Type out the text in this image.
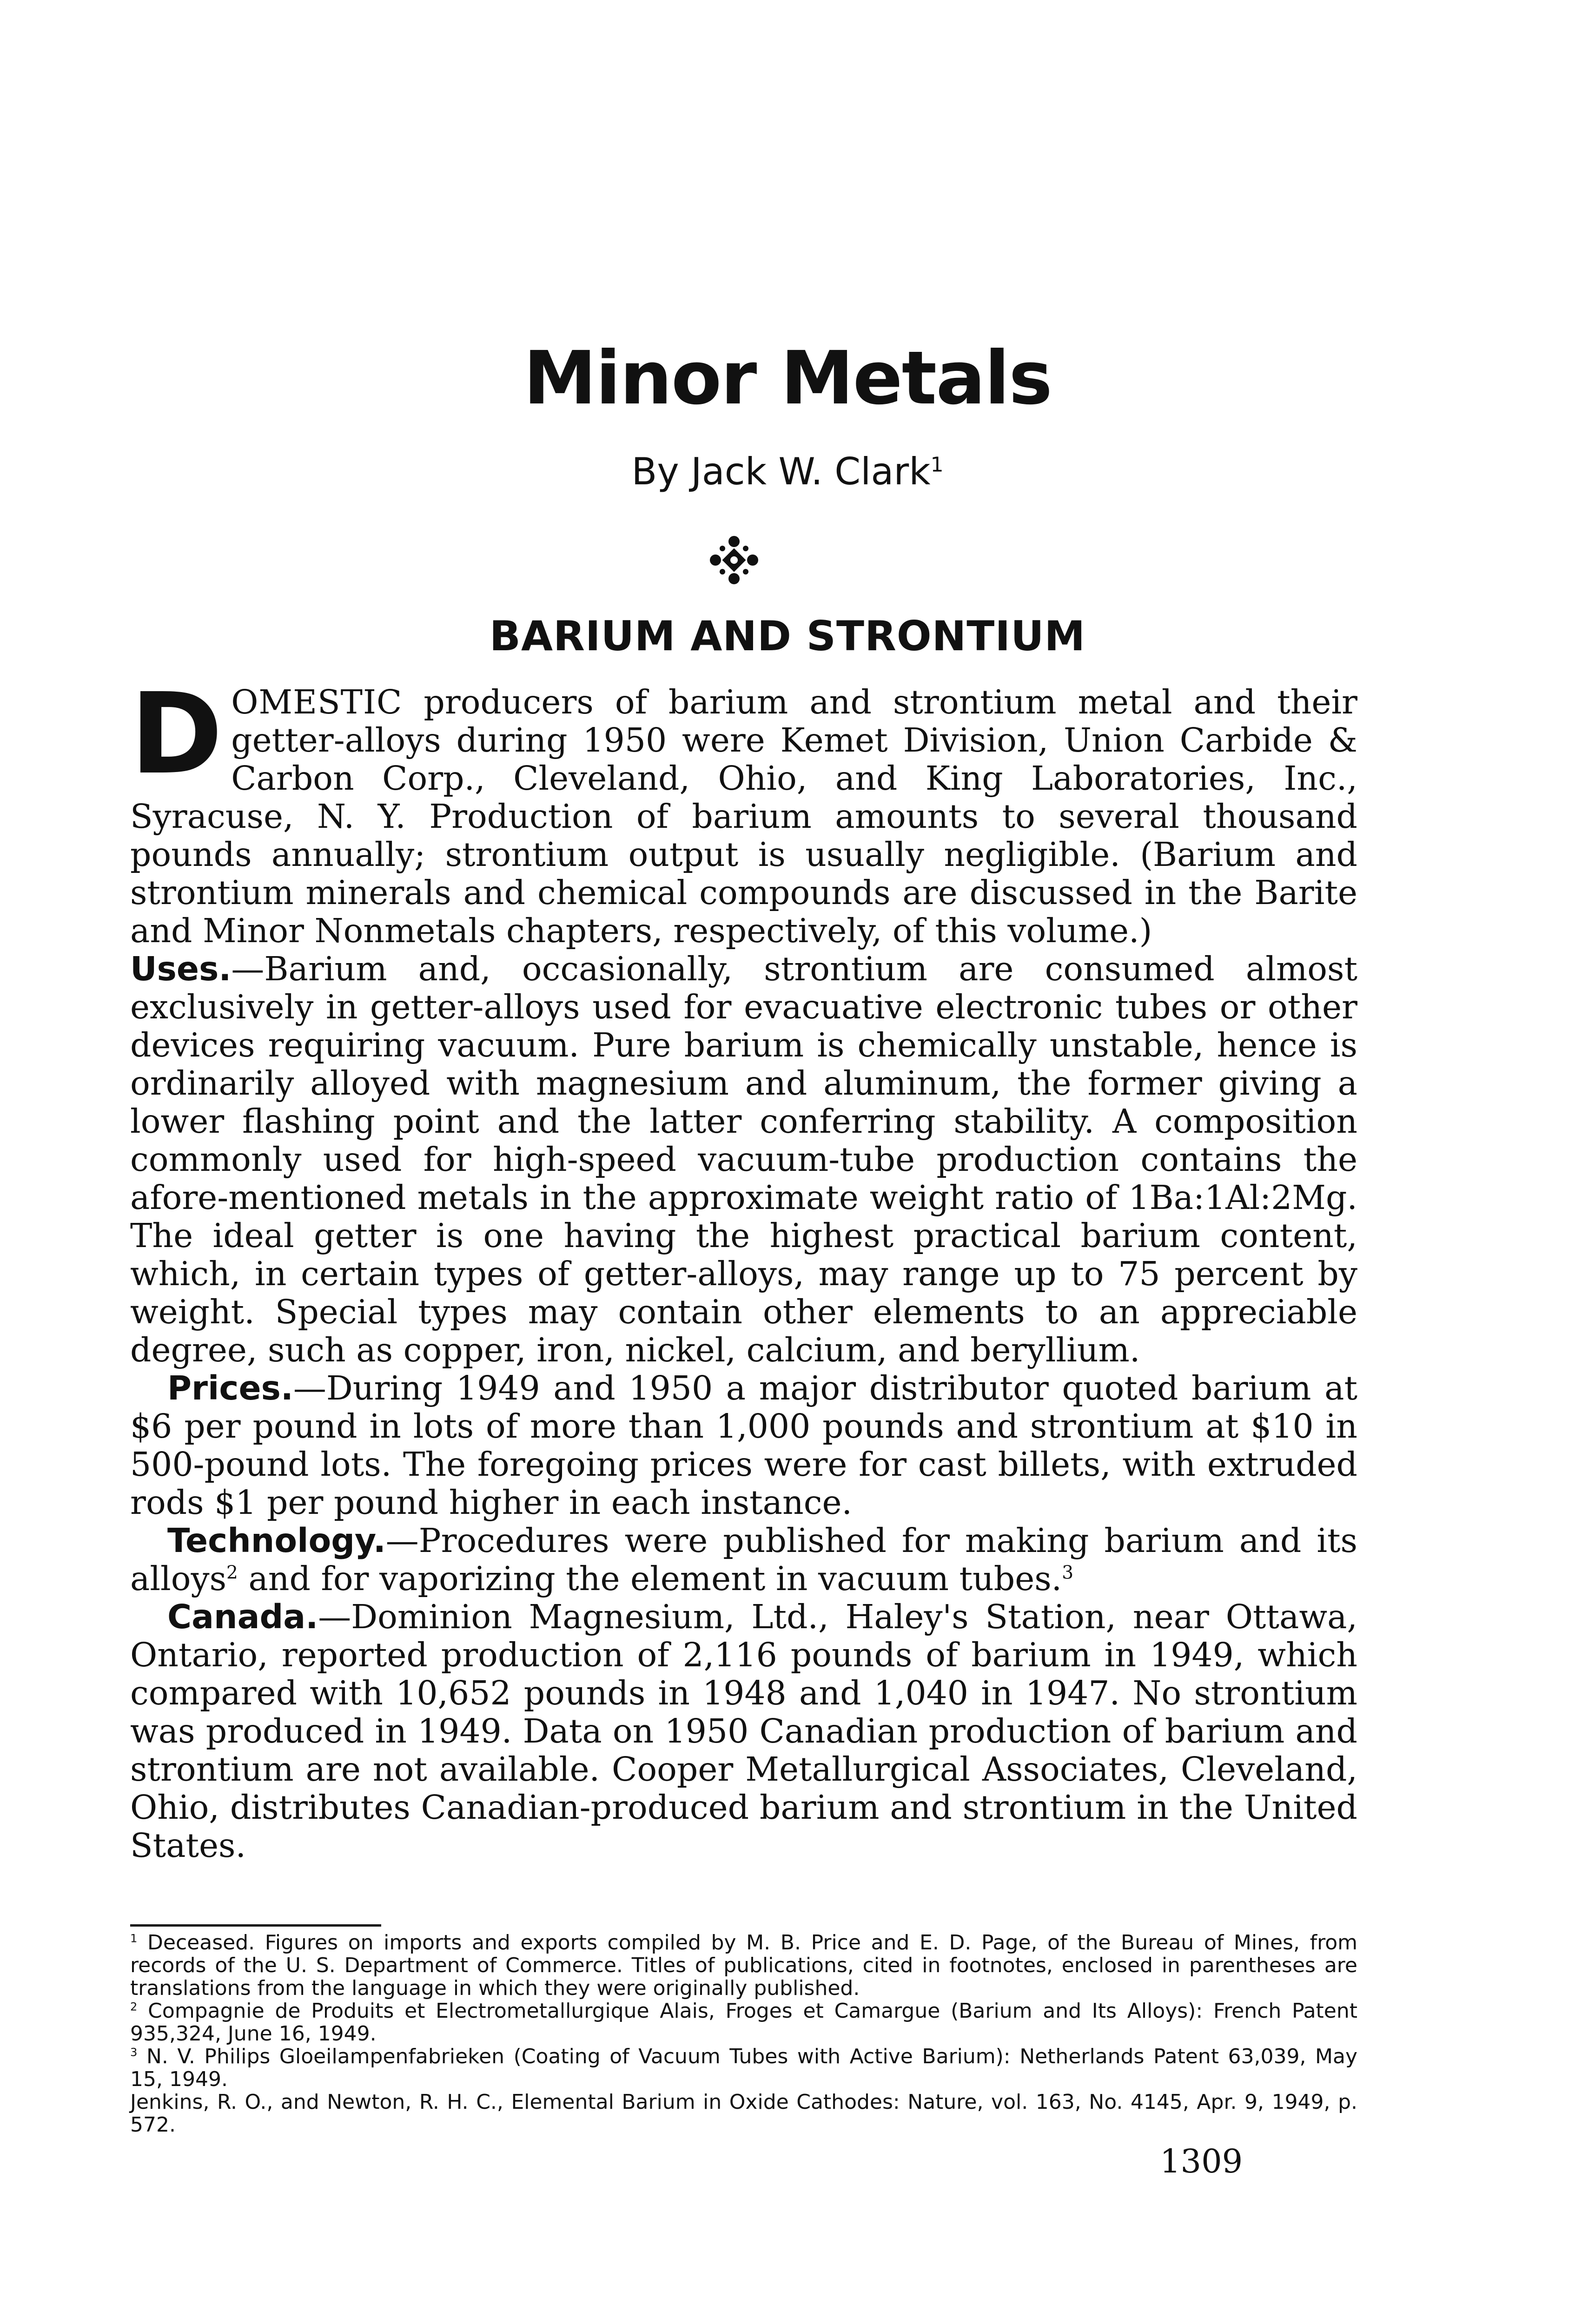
Minor Metals
By Jack W. Clark$^1$
BARIUM AND STRONTIUM

DOMESTIC producers of barium and strontium metal and their getter-alloys during 1950 were Kemet Division, Union Carbide & Carbon Corp., Cleveland, Ohio, and King Laboratories, Inc., Syracuse, N. Y. Production of barium amounts to several thousand pounds annually; strontium output is usually negligible. (Barium and strontium minerals and chemical compounds are discussed in the Barite and Minor Nonmetals chapters, respectively, of this volume.)

Uses.—Barium and, occasionally, strontium are consumed almost exclusively in getter-alloys used for evacuative electronic tubes or other devices requiring vacuum. Pure barium is chemically unstable, hence is ordinarily alloyed with magnesium and aluminum, the former giving a lower flashing point and the latter conferring stability. A composition commonly used for high-speed vacuum-tube production contains the afore-mentioned metals in the approximate weight ratio of 1Ba:1Al:2Mg. The ideal getter is one having the highest practical barium content, which, in certain types of getter-alloys, may range up to 75 percent by weight. Special types may contain other elements to an appreciable degree, such as copper, iron, nickel, calcium, and beryllium.

Prices.—During 1949 and 1950 a major distributor quoted barium at $6 per pound in lots of more than 1,000 pounds and strontium at $10 in 500-pound lots. The foregoing prices were for cast billets, with extruded rods $1 per pound higher in each instance.

Technology.—Procedures were published for making barium and its alloys$^2$ and for vaporizing the element in vacuum tubes.$^3$

Canada.—Dominion Magnesium, Ltd., Haley's Station, near Ottawa, Ontario, reported production of 2,116 pounds of barium in 1949, which compared with 10,652 pounds in 1948 and 1,040 in 1947. No strontium was produced in 1949. Data on 1950 Canadian production of barium and strontium are not available. Cooper Metallurgical Associates, Cleveland, Ohio, distributes Canadian-produced barium and strontium in the United States.

$^1$ Deceased. Figures on imports and exports compiled by M. B. Price and E. D. Page, of the Bureau of Mines, from records of the U. S. Department of Commerce. Titles of publications, cited in footnotes, enclosed in parentheses are translations from the language in which they were originally published.

$^2$ Compagnie de Produits et Electrometallurgique Alais, Froges et Camargue (Barium and Its Alloys): French Patent 935,324, June 16, 1949.

$^3$ N. V. Philips Gloeilampenfabrieken (Coating of Vacuum Tubes with Active Barium): Netherlands Patent 63,039, May 15, 1949.

Jenkins, R. O., and Newton, R. H. C., Elemental Barium in Oxide Cathodes: Nature, vol. 163, No. 4145, Apr. 9, 1949, p. 572.

1309
